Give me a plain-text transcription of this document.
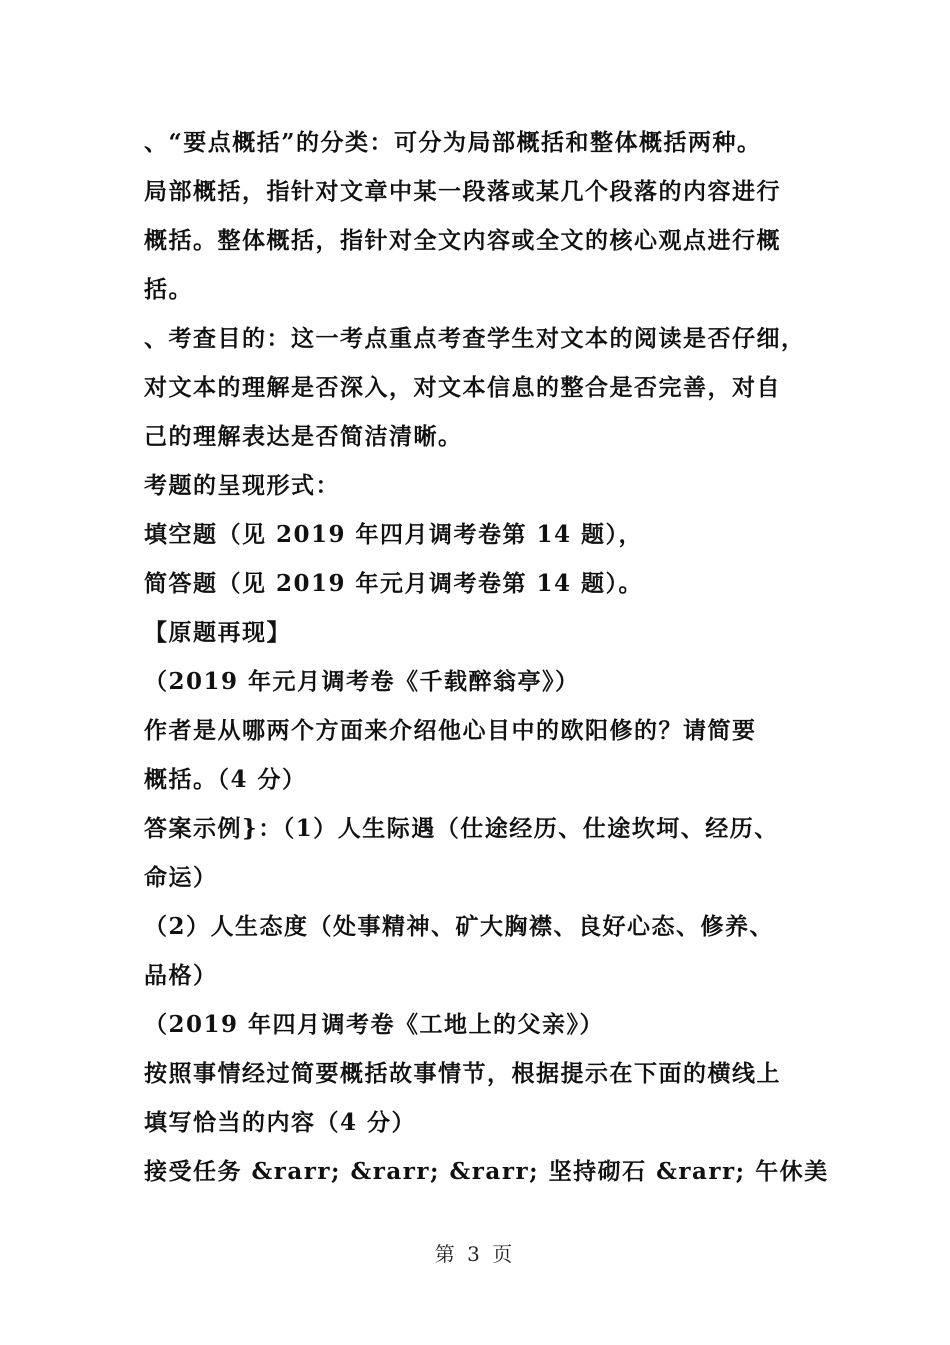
、“要点概括”的分类：可分为局部概括和整体概括两种。
局部概括，指针对文章中某一段落或某几个段落的内容进行
概括。整体概括，指针对全文内容或全文的核心观点进行概
括。
、考查目的：这一考点重点考查学生对文本的阅读是否仔细，
对文本的理解是否深入，对文本信息的整合是否完善，对自
己的理解表达是否简洁清晰。
考题的呈现形式：
填空题（见 2019 年四月调考卷第 14 题），
简答题（见 2019 年元月调考卷第 14 题）。
【原题再现】
（2019 年元月调考卷《千载醉翁亭》）
作者是从哪两个方面来介绍他心目中的欧阳修的？请简要
概括。（4 分）
答案示例}：（1）人生际遇（仕途经历、仕途坎坷、经历、
命运）
（2）人生态度（处事精神、矿大胸襟、良好心态、修养、
品格）
（2019 年四月调考卷《工地上的父亲》）
按照事情经过简要概括故事情节，根据提示在下面的横线上
填写恰当的内容（4 分）
接受任务 &rarr; &rarr; &rarr; 坚持砌石 &rarr; 午休美
第 3 页
